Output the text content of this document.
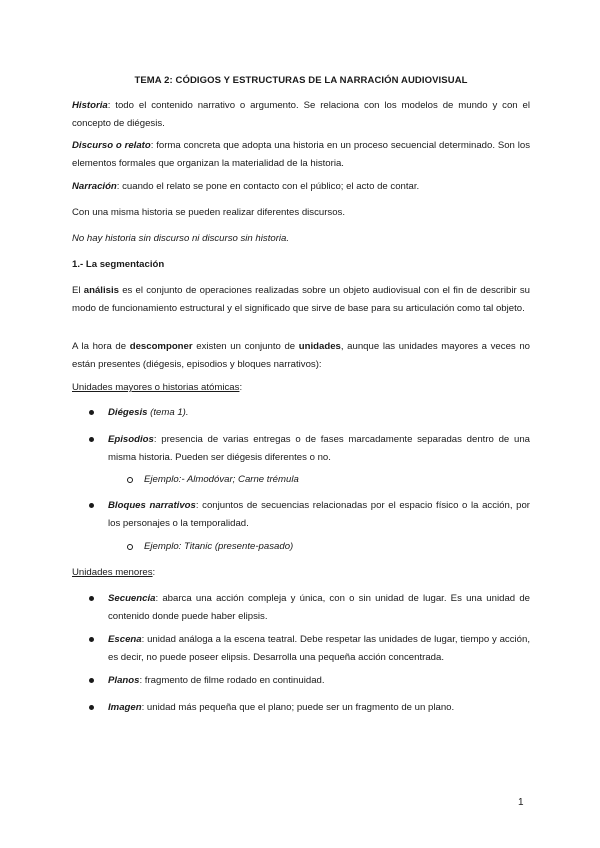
TEMA 2: CÓDIGOS Y ESTRUCTURAS DE LA NARRACIÓN AUDIOVISUAL

Historia: todo el contenido narrativo o argumento. Se relaciona con los modelos de mundo y con el concepto de diégesis.

Discurso o relato: forma concreta que adopta una historia en un proceso secuencial determinado. Son los elementos formales que organizan la materialidad de la historia.

Narración: cuando el relato se pone en contacto con el público; el acto de contar.

Con una misma historia se pueden realizar diferentes discursos.

No hay historia sin discurso ni discurso sin historia.

1.- La segmentación

El análisis es el conjunto de operaciones realizadas sobre un objeto audiovisual con el fin de describir su modo de funcionamiento estructural y el significado que sirve de base para su articulación como tal objeto.

A la hora de descomponer existen un conjunto de unidades, aunque las unidades mayores a veces no están presentes (diégesis, episodios y bloques narrativos):

Unidades mayores o historias atómicas:

Diégesis (tema 1).
Episodios: presencia de varias entregas o de fases marcadamente separadas dentro de una misma historia. Pueden ser diégesis diferentes o no.
Ejemplo:- Almodóvar; Carne trémula
Bloques narrativos: conjuntos de secuencias relacionadas por el espacio físico o la acción, por los personajes o la temporalidad.
Ejemplo: Titanic (presente-pasado)

Unidades menores:

Secuencia: abarca una acción compleja y única, con o sin unidad de lugar. Es una unidad de contenido donde puede haber elipsis.
Escena: unidad análoga a la escena teatral. Debe respetar las unidades de lugar, tiempo y acción, es decir, no puede poseer elipsis. Desarrolla una pequeña acción concentrada.
Planos: fragmento de filme rodado en continuidad.
Imagen: unidad más pequeña que el plano; puede ser un fragmento de un plano.
1
